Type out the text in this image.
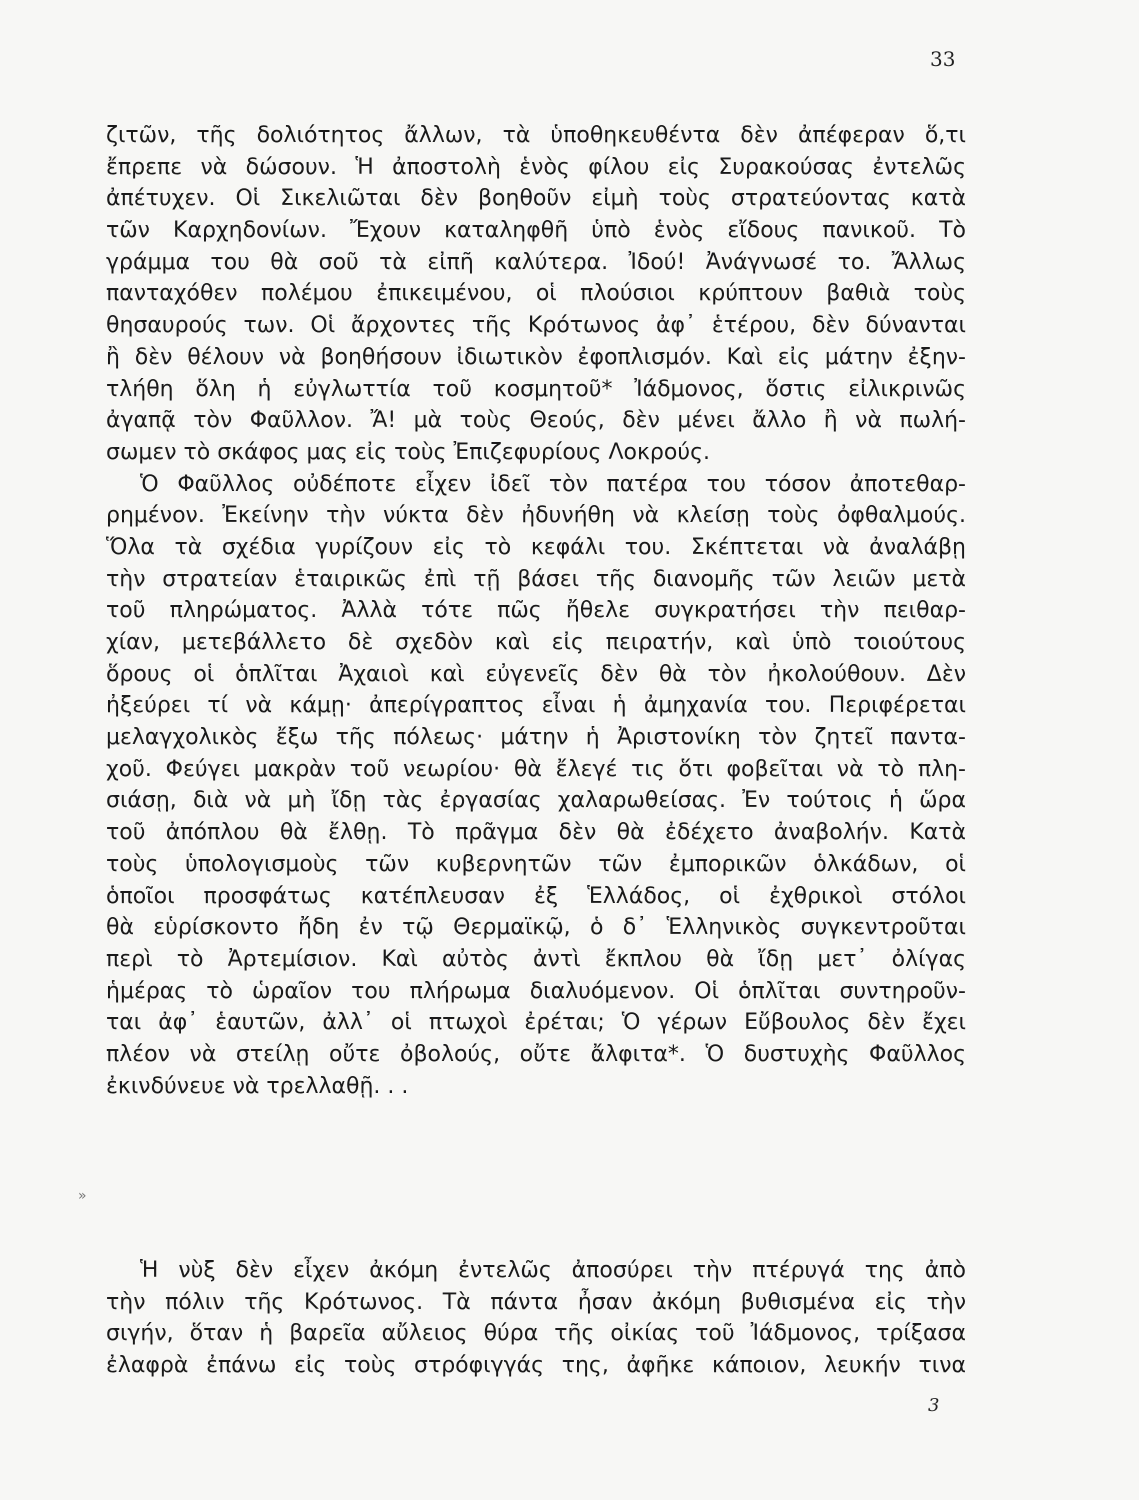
33
»
ζιτῶν, τῆς δολιότητος ἄλλων, τὰ ὑποθηκευθέντα δὲν ἀπέφεραν ὅ,τι
ἔπρεπε νὰ δώσουν. Ἡ ἀποστολὴ ἑνὸς φίλου εἰς Συρακούσας ἐντελῶς
ἀπέτυχεν. Οἱ Σικελιῶται δὲν βοηθοῦν εἰμὴ τοὺς στρατεύοντας κατὰ
τῶν Καρχηδονίων. Ἔχουν καταληφθῆ ὑπὸ ἑνὸς εἴδους πανικοῦ. Τὸ
γράμμα του θὰ σοῦ τὰ εἰπῆ καλύτερα. Ἰδού! Ἀνάγνωσέ το. Ἄλλως
πανταχόθεν πολέμου ἐπικειμένου, οἱ πλούσιοι κρύπτουν βαθιὰ τοὺς
θησαυρούς των. Οἱ ἄρχοντες τῆς Κρότωνος ἀφ᾽ ἑτέρου, δὲν δύνανται
ἢ δὲν θέλουν νὰ βοηθήσουν ἰδιωτικὸν ἐφοπλισμόν. Καὶ εἰς μάτην ἐξην-
τλήθη ὅλη ἡ εὐγλωττία τοῦ κοσμητοῦ* Ἰάδμονος, ὅστις εἰλικρινῶς
ἀγαπᾷ τὸν Φαῦλλον. Ἄ! μὰ τοὺς Θεούς, δὲν μένει ἄλλο ἢ νὰ πωλή-
σωμεν τὸ σκάφος μας εἰς τοὺς Ἐπιζεφυρίους Λοκρούς.
Ὁ Φαῦλλος οὐδέποτε εἶχεν ἰδεῖ τὸν πατέρα του τόσον ἀποτεθαρ-
ρημένον. Ἐκείνην τὴν νύκτα δὲν ἠδυνήθη νὰ κλείσῃ τοὺς ὀφθαλμούς.
Ὅλα τὰ σχέδια γυρίζουν εἰς τὸ κεφάλι του. Σκέπτεται νὰ ἀναλάβῃ
τὴν στρατείαν ἑταιρικῶς ἐπὶ τῇ βάσει τῆς διανομῆς τῶν λειῶν μετὰ
τοῦ πληρώματος. Ἀλλὰ τότε πῶς ἤθελε συγκρατήσει τὴν πειθαρ-
χίαν, μετεβάλλετο δὲ σχεδὸν καὶ εἰς πειρατήν, καὶ ὑπὸ τοιούτους
ὅρους οἱ ὁπλῖται Ἀχαιοὶ καὶ εὐγενεῖς δὲν θὰ τὸν ἠκολούθουν. Δὲν
ἠξεύρει τί νὰ κάμῃ· ἀπερίγραπτος εἶναι ἡ ἀμηχανία του. Περιφέρεται
μελαγχολικὸς ἔξω τῆς πόλεως· μάτην ἡ Ἀριστονίκη τὸν ζητεῖ παντα-
χοῦ. Φεύγει μακρὰν τοῦ νεωρίου· θὰ ἔλεγέ τις ὅτι φοβεῖται νὰ τὸ πλη-
σιάσῃ, διὰ νὰ μὴ ἴδῃ τὰς ἐργασίας χαλαρωθείσας. Ἐν τούτοις ἡ ὥρα
τοῦ ἀπόπλου θὰ ἔλθῃ. Τὸ πρᾶγμα δὲν θὰ ἐδέχετο ἀναβολήν. Κατὰ
τοὺς ὑπολογισμοὺς τῶν κυβερνητῶν τῶν ἐμπορικῶν ὁλκάδων, οἱ
ὁποῖοι προσφάτως κατέπλευσαν ἐξ Ἑλλάδος, οἱ ἐχθρικοὶ στόλοι
θὰ εὑρίσκοντο ἤδη ἐν τῷ Θερμαϊκῷ, ὁ δ᾽ Ἑλληνικὸς συγκεντροῦται
περὶ τὸ Ἀρτεμίσιον. Καὶ αὐτὸς ἀντὶ ἔκπλου θὰ ἴδῃ μετ᾽ ὀλίγας
ἡμέρας τὸ ὡραῖον του πλήρωμα διαλυόμενον. Οἱ ὁπλῖται συντηροῦν-
ται ἀφ᾽ ἑαυτῶν, ἀλλ᾽ οἱ πτωχοὶ ἐρέται; Ὁ γέρων Εὔβουλος δὲν ἔχει
πλέον νὰ στείλῃ οὔτε ὀβολούς, οὔτε ἄλφιτα*. Ὁ δυστυχὴς Φαῦλλος
ἐκινδύνευε νὰ τρελλαθῇ. . .
Ἡ νὺξ δὲν εἶχεν ἀκόμη ἐντελῶς ἀποσύρει τὴν πτέρυγά της ἀπὸ
τὴν πόλιν τῆς Κρότωνος. Τὰ πάντα ἦσαν ἀκόμη βυθισμένα εἰς τὴν
σιγήν, ὅταν ἡ βαρεῖα αὔλειος θύρα τῆς οἰκίας τοῦ Ἰάδμονος, τρίξασα
ἐλαφρὰ ἐπάνω εἰς τοὺς στρόφιγγάς της, ἀφῆκε κάποιον, λευκήν τινα
3
